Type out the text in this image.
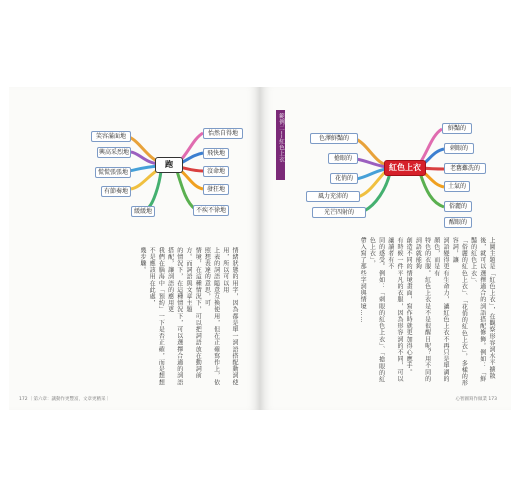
跑
笑容滿面地
興高采烈地
慌慌張張地
有節奏地
緩緩地
怡然自得地
飛快地
沒命地
發狂地
不疾不徐地
情緒狀態的用字，因為都是單一詞語搭配動詞使用，所以可以用
上表的詞語隨意互換使用，但在正確寫作上，依照想表達的意思，可
情境，在這種情況下，可以把詞語放在動詞前方。而詞語與文章主題
的情況下，在這種情況下，可以選擇合適的詞語搭配，讓詞語的應用更
我們在腦海中「預約」一下是否正確，而是想想不是應該用在此處，
幾步驟。
172 ｜第六章：讓動作更豐富，文章更精采｜
範例二──紅色上衣
紅色上衣
色澤鮮豔的
搶眼的
花俏的
風力充沛的
光芒四射的
鮮豔的
刺眼的
老舊難洗的
土氣的
俗麗的
醒眼的
上圖主題是「紅色上衣」，在觀察形容詞水平擴散
後，就可以選擇適合的詞語搭配修飾。例如：「鮮豔的紅色上衣」、
「俗麗的紅色上衣」、「花俏的紅色上衣」，多樣的形容詞，讓
詞語變得更有生命力，讓紅色上衣不再只是單調的顏色，而是有
特色的衣服。紅色上衣是不是很醒目呢？用不同的詞語就能夠
創造不同的情境畫面，寫作時就更加得心應手。
有時候一件平凡的衣服，因為形容詞的不同，可以讓讀者有不
同的感受。例如：「刺眼的紅色上衣」、「搶眼的紅色上衣」，
帶入寫了那些字詞與情境……
心智圖寫作做業 173
